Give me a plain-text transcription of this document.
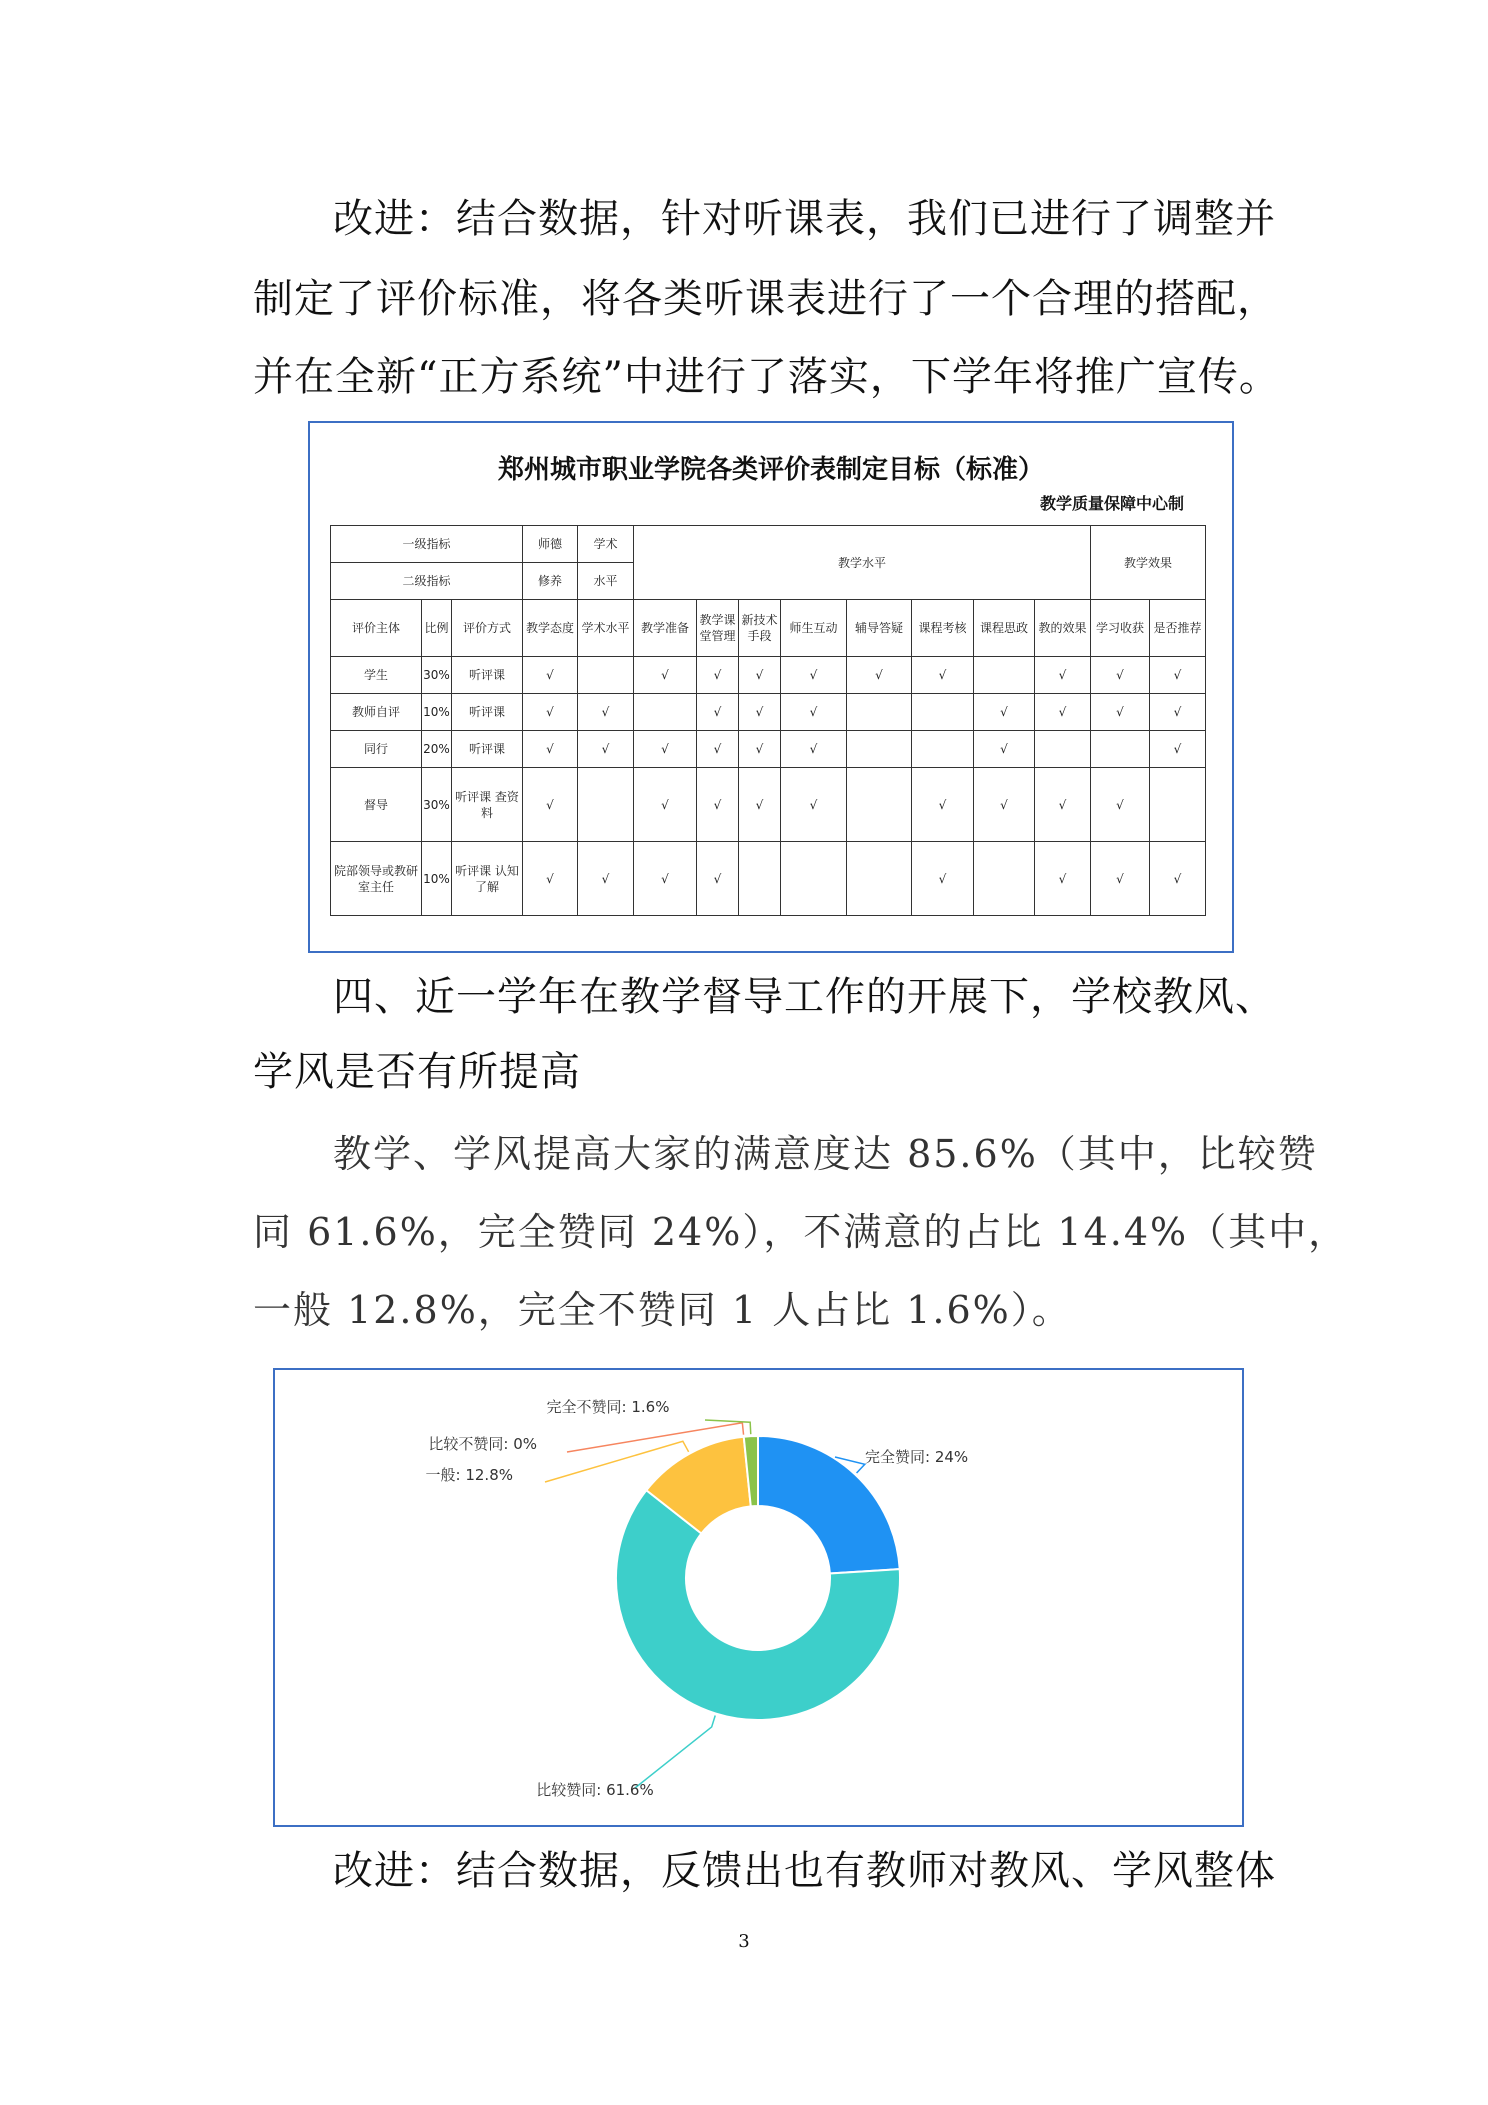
改进：结合数据，针对听课表，我们已进行了调整并
制定了评价标准，将各类听课表进行了一个合理的搭配，
并在全新“正方系统”中进行了落实，下学年将推广宣传。
郑州城市职业学院各类评价表制定目标（标准）
教学质量保障中心制
一级指标			师德	学术	教学水平								教学效果	
二级指标			修养	水平										
评价主体	比例	评价方式	教学态度	学术水平	教学准备	教学课堂管理	新技术手段	师生互动	辅导答疑	课程考核	课程思政	教的效果	学习收获	是否推荐
学生	30%	听评课	√		√	√	√	√	√	√		√	√	√
教师自评	10%	听评课	√	√		√	√	√			√	√	√	√
同行	20%	听评课	√	√	√	√	√	√			√			√
督导	30%	听评课 查资料	√		√	√	√	√		√	√	√	√	
院部领导或教研室主任	10%	听评课 认知了解	√	√	√	√				√		√	√	√
四、近一学年在教学督导工作的开展下，学校教风、
学风是否有所提高
教学、学风提高大家的满意度达 85.6%（其中，比较赞
同 61.6%，完全赞同 24%），不满意的占比 14.4%（其中，
一般 12.8%，完全不赞同 1 人占比 1.6%）。
完全赞同: 24%
比较赞同: 61.6%
一般: 12.8%
比较不赞同: 0%
完全不赞同: 1.6%
改进：结合数据，反馈出也有教师对教风、学风整体
3
